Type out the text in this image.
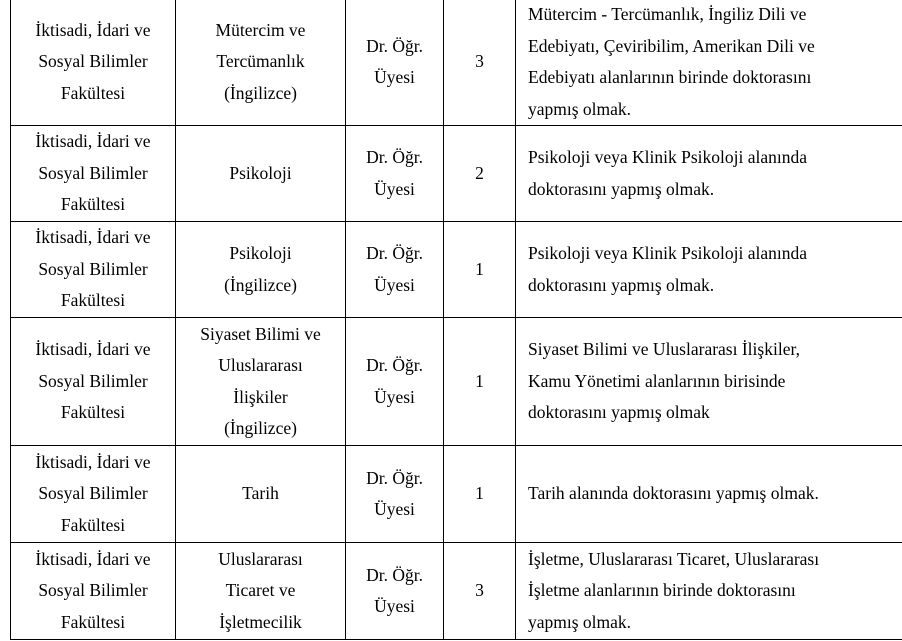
İktisadi, İdari ve
Sosyal Bilimler
Fakültesi	Mütercim ve
Tercümanlık
(İngilizce)	Dr. Öğr.
Üyesi	3	Mütercim - Tercümanlık, İngiliz Dili ve
Edebiyatı, Çeviribilim, Amerikan Dili ve
Edebiyatı alanlarının birinde doktorasını
yapmış olmak.

İktisadi, İdari ve
Sosyal Bilimler
Fakültesi	Psikoloji	Dr. Öğr.
Üyesi	2	Psikoloji veya Klinik Psikoloji alanında
doktorasını yapmış olmak.

İktisadi, İdari ve
Sosyal Bilimler
Fakültesi	Psikoloji
(İngilizce)	Dr. Öğr.
Üyesi	1	Psikoloji veya Klinik Psikoloji alanında
doktorasını yapmış olmak.

İktisadi, İdari ve
Sosyal Bilimler
Fakültesi	Siyaset Bilimi ve
Uluslararası
İlişkiler
(İngilizce)	Dr. Öğr.
Üyesi	1	Siyaset Bilimi ve Uluslararası İlişkiler,
Kamu Yönetimi alanlarının birisinde
doktorasını yapmış olmak

İktisadi, İdari ve
Sosyal Bilimler
Fakültesi	Tarih	Dr. Öğr.
Üyesi	1	Tarih alanında doktorasını yapmış olmak.

İktisadi, İdari ve
Sosyal Bilimler
Fakültesi	Uluslararası
Ticaret ve
İşletmecilik	Dr. Öğr.
Üyesi	3	İşletme, Uluslararası Ticaret, Uluslararası
İşletme alanlarının birinde doktorasını
yapmış olmak.
